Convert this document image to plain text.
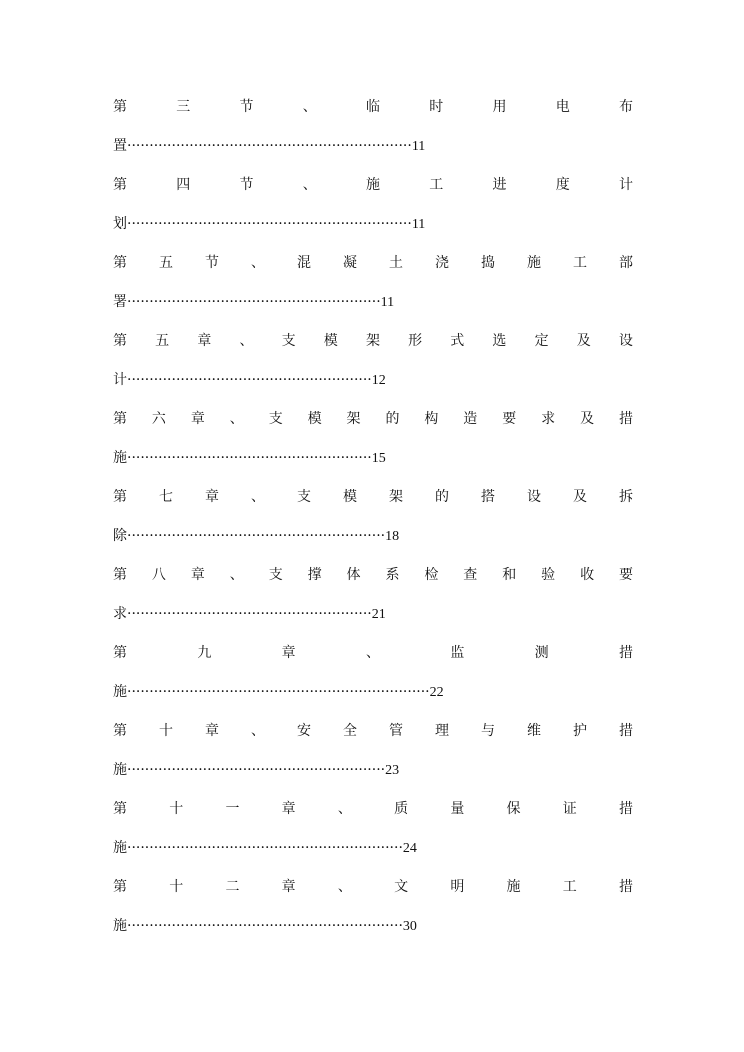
第	三	节	、	临	时	用	电	布
置································································11
第	四	节	、	施	工	进	度	计
划································································11
第 五 节 、 混 凝 土 浇 捣 施 工 部
署·························································11
第 五 章 、 支 模 架 形 式 选 定 及 设
计·······················································12
第 六 章 、 支 模 架 的 构 造 要 求 及 措
施·······················································15
第 七 章 、 支 模 架 的 搭 设 及 拆
除··························································18
第 八 章 、 支 撑 体 系 检 查 和 验 收 要
求·······················································21
第	九	章	、	监	测	措
施····································································22
第 十 章 、 安 全 管 理 与 维 护 措
施··························································23
第	十	一	章	、	质	量	保	证	措
施······························································24
第	十	二	章	、	文	明	施	工	措
施······························································30
